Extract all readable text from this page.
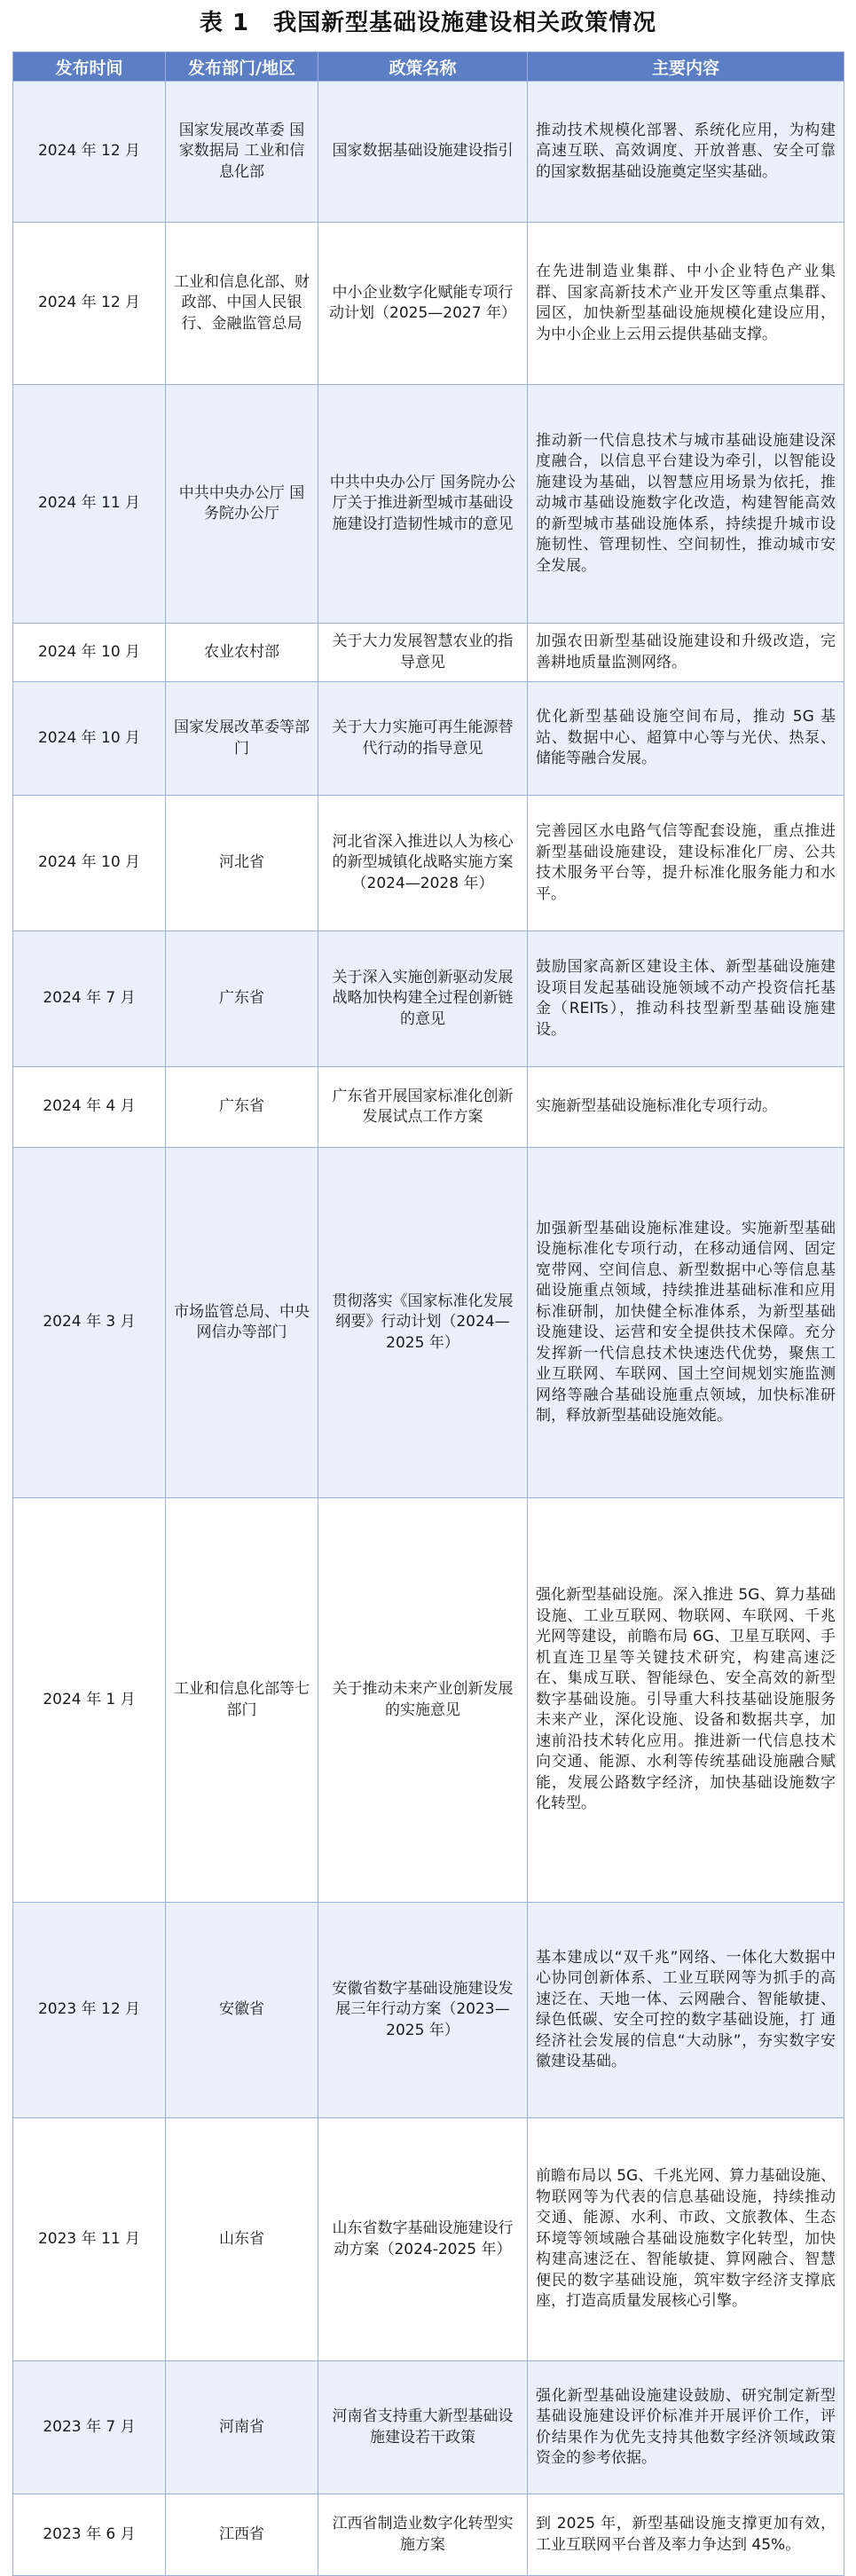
表 1　我国新型基础设施建设相关政策情况
发布时间	发布部门/地区	政策名称	主要内容
2024 年 12 月	国家发展改革委 国家数据局 工业和信息化部	国家数据基础设施建设指引	推动技术规模化部署、系统化应用，为构建高速互联、高效调度、开放普惠、安全可靠的国家数据基础设施奠定坚实基础。
2024 年 12 月	工业和信息化部、财政部、中国人民银行、金融监管总局	中小企业数字化赋能专项行动计划（2025—2027 年）	在先进制造业集群、中小企业特色产业集群、国家高新技术产业开发区等重点集群、园区，加快新型基础设施规模化建设应用，为中小企业上云用云提供基础支撑。
2024 年 11 月	中共中央办公厅 国务院办公厅	中共中央办公厅 国务院办公厅关于推进新型城市基础设施建设打造韧性城市的意见	推动新一代信息技术与城市基础设施建设深度融合，以信息平台建设为牵引，以智能设施建设为基础，以智慧应用场景为依托，推动城市基础设施数字化改造，构建智能高效的新型城市基础设施体系，持续提升城市设施韧性、管理韧性、空间韧性，推动城市安全发展。
2024 年 10 月	农业农村部	关于大力发展智慧农业的指导意见	加强农田新型基础设施建设和升级改造，完善耕地质量监测网络。
2024 年 10 月	国家发展改革委等部门	关于大力实施可再生能源替代行动的指导意见	优化新型基础设施空间布局，推动 5G 基站、数据中心、超算中心等与光伏、热泵、储能等融合发展。
2024 年 10 月	河北省	河北省深入推进以人为核心的新型城镇化战略实施方案（2024—2028 年）	完善园区水电路气信等配套设施，重点推进新型基础设施建设，建设标准化厂房、公共技术服务平台等，提升标准化服务能力和水平。
2024 年 7 月	广东省	关于深入实施创新驱动发展战略加快构建全过程创新链的意见	鼓励国家高新区建设主体、新型基础设施建设项目发起基础设施领域不动产投资信托基金（REITs），推动科技型新型基础设施建设。
2024 年 4 月	广东省	广东省开展国家标准化创新发展试点工作方案	实施新型基础设施标准化专项行动。
2024 年 3 月	市场监管总局、中央网信办等部门	贯彻落实《国家标准化发展纲要》行动计划（2024—2025 年）	加强新型基础设施标准建设。实施新型基础设施标准化专项行动，在移动通信网、固定宽带网、空间信息、新型数据中心等信息基础设施重点领域，持续推进基础标准和应用标准研制，加快健全标准体系，为新型基础设施建设、运营和安全提供技术保障。充分发挥新一代信息技术快速迭代优势，聚焦工业互联网、车联网、国土空间规划实施监测网络等融合基础设施重点领域，加快标准研制，释放新型基础设施效能。
2024 年 1 月	工业和信息化部等七部门	关于推动未来产业创新发展的实施意见	强化新型基础设施。深入推进 5G、算力基础设施、工业互联网、物联网、车联网、千兆光网等建设，前瞻布局 6G、卫星互联网、手机直连卫星等关键技术研究，构建高速泛在、集成互联、智能绿色、安全高效的新型数字基础设施。引导重大科技基础设施服务未来产业，深化设施、设备和数据共享，加速前沿技术转化应用。推进新一代信息技术向交通、能源、水利等传统基础设施融合赋能，发展公路数字经济，加快基础设施数字化转型。
2023 年 12 月	安徽省	安徽省数字基础设施建设发展三年行动方案（2023—2025 年）	基本建成以“双千兆”网络、一体化大数据中 心协同创新体系、工业互联网等为抓手的高速泛在、天地一体、云网融合、智能敏捷、绿色低碳、安全可控的数字基础设施，打 通经济社会发展的信息“大动脉”，夯实数字安徽建设基础。
2023 年 11 月	山东省	山东省数字基础设施建设行动方案（2024-2025 年）	前瞻布局以 5G、千兆光网、算力基础设施、物联网等为代表的信息基础设施，持续推动交通、能源、水利、市政、文旅教体、生态环境等领域融合基础设施数字化转型，加快构建高速泛在、智能敏捷、算网融合、智慧便民的数字基础设施，筑牢数字经济支撑底座，打造高质量发展核心引擎。
2023 年 7 月	河南省	河南省支持重大新型基础设施建设若干政策	强化新型基础设施建设鼓励、研究制定新型基础设施建设评价标准并开展评价工作，评价结果作为优先支持其他数字经济领域政策资金的参考依据。
2023 年 6 月	江西省	江西省制造业数字化转型实施方案	到 2025 年，新型基础设施支撑更加有效，工业互联网平台普及率力争达到 45%。
